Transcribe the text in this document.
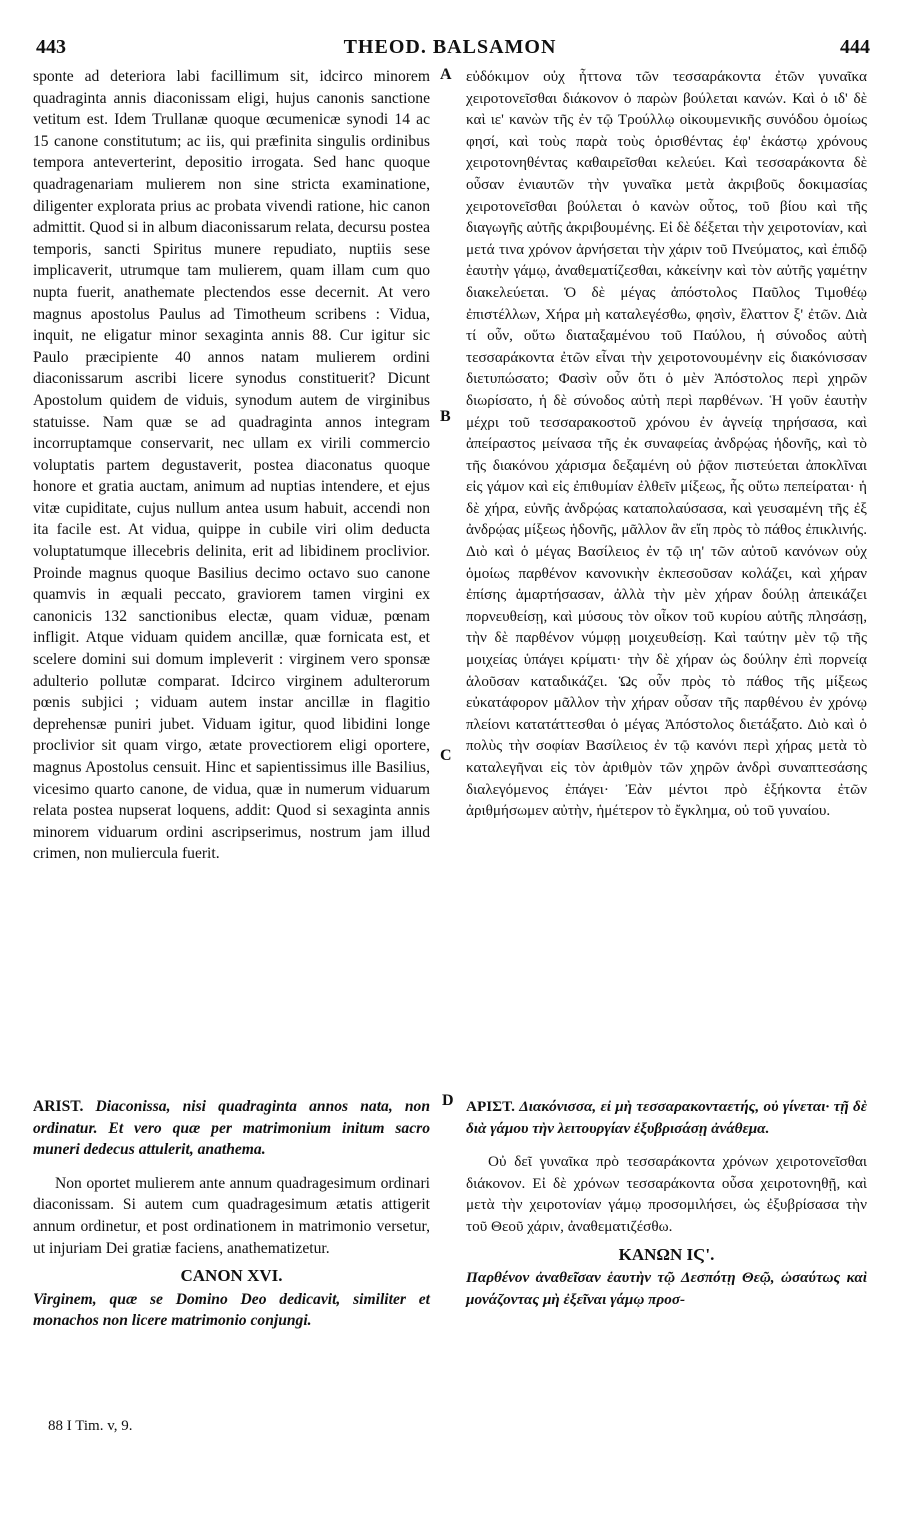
443	THEOD. BALSAMON	444
A
B
C
D

sponte ad deteriora labi facillimum sit, idcirco minorem quadraginta annis diaconissam eligi, hujus canonis sanctione vetitum est. Idem Trullanæ quoque œcumenicæ synodi 14 ac 15 canone constitutum; ac iis, qui præfinita singulis ordinibus tempora anteverterint, depositio irrogata. Sed hanc quoque quadragenariam mulierem non sine stricta examinatione, diligenter explorata prius ac probata vivendi ratione, hic canon admittit. Quod si in album diaconissarum relata, decursu postea temporis, sancti Spiritus munere repudiato, nuptiis sese implicaverit, utrumque tam mulierem, quam illam cum quo nupta fuerit, anathemate plectendos esse decernit. At vero magnus apostolus Paulus ad Timotheum scribens : Vidua, inquit, ne eligatur minor sexaginta annis 88. Cur igitur sic Paulo præcipiente 40 annos natam mulierem ordini diaconissarum ascribi licere synodus constituerit? Dicunt Apostolum quidem de viduis, synodum autem de virginibus statuisse. Nam quæ se ad quadraginta annos integram incorruptamque conservarit, nec ullam ex virili commercio voluptatis partem degustaverit, postea diaconatus quoque honore et gratia auctam, animum ad nuptias intendere, et ejus vitæ cupiditate, cujus nullum antea usum habuit, accendi non ita facile est. At vidua, quippe in cubile viri olim deducta voluptatumque illecebris delinita, erit ad libidinem proclivior. Proinde magnus quoque Basilius decimo octavo suo canone quamvis in æquali peccato, graviorem tamen virgini ex canonicis 132 sanctionibus electæ, quam viduæ, pœnam infligit. Atque viduam quidem ancillæ, quæ fornicata est, et scelere domini sui domum impleverit : virginem vero sponsæ adulterio pollutæ comparat. Idcirco virginem adulterorum pœnis subjici ; viduam autem instar ancillæ in flagitio deprehensæ puniri jubet. Viduam igitur, quod libidini longe proclivior sit quam virgo, ætate provectiorem eligi oportere, magnus Apostolus censuit. Hinc et sapientissimus ille Basilius, vicesimo quarto canone, de vidua, quæ in numerum viduarum relata postea nupserat loquens, addit: Quod si sexaginta annis minorem viduarum ordini ascripserimus, nostrum jam illud crimen, non muliercula fuerit.

ARIST. Diaconissa, nisi quadraginta annos nata, non ordinatur. Et vero quæ per matrimonium initum sacro muneri dedecus attulerit, anathema.

Non oportet mulierem ante annum quadragesimum ordinari diaconissam. Si autem cum quadragesimum ætatis attigerit annum ordinetur, et post ordinationem in matrimonio versetur, ut injuriam Dei gratiæ faciens, anathematizetur.

CANON XVI.

Virginem, quæ se Domino Deo dedicavit, similiter et monachos non licere matrimonio conjungi.

εὐδόκιμον οὐχ ἧττονα τῶν τεσσαράκοντα ἐτῶν γυναῖκα χειροτονεῖσθαι διάκονον ὁ παρὼν βούλεται κανών. Καὶ ὁ ιδ' δὲ καὶ ιε' κανὼν τῆς ἐν τῷ Τρούλλῳ οἰκουμενικῆς συνόδου ὁμοίως φησί, καὶ τοὺς παρὰ τοὺς ὁρισθέντας ἐφ' ἑκάστῳ χρόνους χειροτονηθέντας καθαιρεῖσθαι κελεύει. Καὶ τεσσαράκοντα δὲ οὖσαν ἐνιαυτῶν τὴν γυναῖκα μετὰ ἀκριβοῦς δοκιμασίας χειροτονεῖσθαι βούλεται ὁ κανὼν οὗτος, τοῦ βίου καὶ τῆς διαγωγῆς αὐτῆς ἀκριβουμένης. Εἰ δὲ δέξεται τὴν χειροτονίαν, καὶ μετά τινα χρόνον ἀρνήσεται τὴν χάριν τοῦ Πνεύματος, καὶ ἐπιδῷ ἑαυτὴν γάμῳ, ἀναθεματίζεσθαι, κἀκείνην καὶ τὸν αὐτῆς γαμέτην διακελεύεται. Ὁ δὲ μέγας ἀπόστολος Παῦλος Τιμοθέῳ ἐπιστέλλων, Χήρα μὴ καταλεγέσθω, φησὶν, ἔλαττον ξ' ἐτῶν. Διὰ τί οὖν, οὕτω διαταξαμένου τοῦ Παύλου, ἡ σύνοδος αὐτὴ τεσσαράκοντα ἐτῶν εἶναι τὴν χειροτονουμένην εἰς διακόνισσαν διετυπώσατο; Φασὶν οὖν ὅτι ὁ μὲν Ἀπόστολος περὶ χηρῶν διωρίσατο, ἡ δὲ σύνοδος αὐτὴ περὶ παρθένων. Ἡ γοῦν ἑαυτὴν μέχρι τοῦ τεσσαρακοστοῦ χρόνου ἐν ἁγνείᾳ τηρήσασα, καὶ ἀπείραστος μείνασα τῆς ἐκ συναφείας ἀνδρῴας ἡδονῆς, καὶ τὸ τῆς διακόνου χάρισμα δεξαμένη οὐ ῥᾷον πιστεύεται ἀποκλῖναι εἰς γάμον καὶ εἰς ἐπιθυμίαν ἐλθεῖν μίξεως, ἧς οὕτω πεπείραται· ἡ δὲ χήρα, εὐνῆς ἀνδρῴας καταπολαύσασα, καὶ γευσαμένη τῆς ἐξ ἀνδρῴας μίξεως ἡδονῆς, μᾶλλον ἂν εἴη πρὸς τὸ πάθος ἐπικλινής. Διὸ καὶ ὁ μέγας Βασίλειος ἐν τῷ ιη' τῶν αὐτοῦ κανόνων οὐχ ὁμοίως παρθένον κανονικὴν ἐκπεσοῦσαν κολάζει, καὶ χήραν ἐπίσης ἁμαρτήσασαν, ἀλλὰ τὴν μὲν χήραν δούλῃ ἀπεικάζει πορνευθείσῃ, καὶ μύσους τὸν οἶκον τοῦ κυρίου αὐτῆς πλησάσῃ, τὴν δὲ παρθένον νύμφῃ μοιχευθείσῃ. Καὶ ταύτην μὲν τῷ τῆς μοιχείας ὑπάγει κρίματι· τὴν δὲ χήραν ὡς δούλην ἐπὶ πορνείᾳ ἁλοῦσαν καταδικάζει. Ὡς οὖν πρὸς τὸ πάθος τῆς μίξεως εὐκατάφορον μᾶλλον τὴν χήραν οὖσαν τῆς παρθένου ἐν χρόνῳ πλείονι κατατάττεσθαι ὁ μέγας Ἀπόστολος διετάξατο. Διὸ καὶ ὁ πολὺς τὴν σοφίαν Βασίλειος ἐν τῷ κανόνι περὶ χήρας μετὰ τὸ καταλεγῆναι εἰς τὸν ἀριθμὸν τῶν χηρῶν ἀνδρὶ συναπτεσάσης διαλεγόμενος ἐπάγει· Ἐὰν μέντοι πρὸ ἑξήκοντα ἐτῶν ἀριθμήσωμεν αὐτὴν, ἡμέτερον τὸ ἔγκλημα, οὐ τοῦ γυναίου.

ΑΡΙΣΤ. Διακόνισσα, εἰ μὴ τεσσαρακονταετής, οὐ γίνεται· τῇ δὲ διὰ γάμου τὴν λειτουργίαν ἐξυβρισάσῃ ἀνάθεμα.

Οὐ δεῖ γυναῖκα πρὸ τεσσαράκοντα χρόνων χειροτονεῖσθαι διάκονον. Εἰ δὲ χρόνων τεσσαράκοντα οὖσα χειροτονηθῇ, καὶ μετὰ τὴν χειροτονίαν γάμῳ προσομιλήσει, ὡς ἐξυβρίσασα τὴν τοῦ Θεοῦ χάριν, ἀναθεματιζέσθω.

ΚΑΝΩΝ ΙϚ'.

Παρθένον ἀναθεῖσαν ἑαυτὴν τῷ Δεσπότῃ Θεῷ, ὡσαύτως καὶ μονάζοντας μὴ ἐξεῖναι γάμῳ προσ-

88 I Tim. v, 9.
